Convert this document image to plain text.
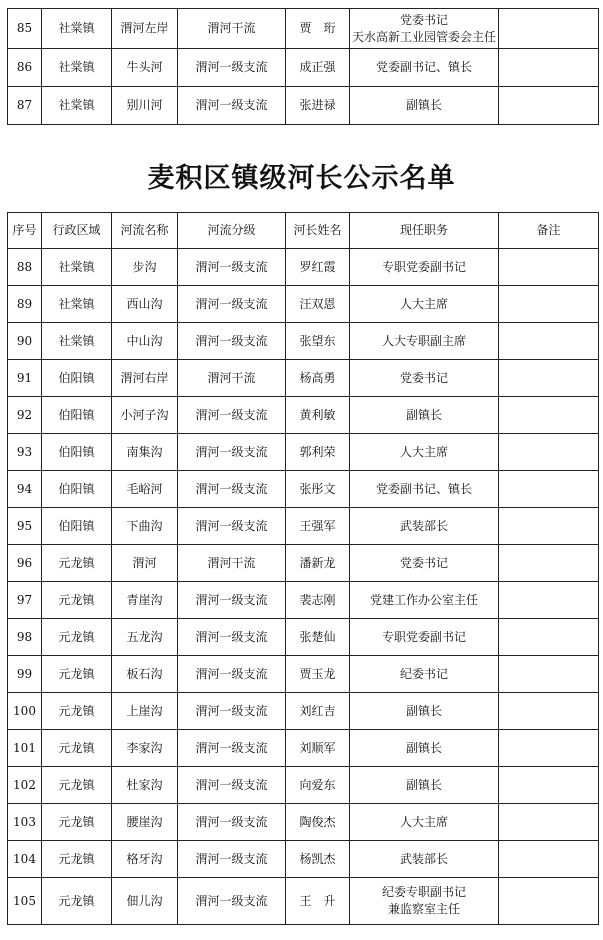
85	社棠镇	渭河左岸	渭河干流	贾　珩	党委书记
天水高新工业园管委会主任	

86	社棠镇	牛头河	渭河一级支流	成正强	党委副书记、镇长	

87	社棠镇	别川河	渭河一级支流	张进禄	副镇长	

麦积区镇级河长公示名单
序号	行政区域	河流名称	河流分级	河长姓名	现任职务	备注
88	社棠镇	步沟	渭河一级支流	罗红霞	专职党委副书记	

89	社棠镇	西山沟	渭河一级支流	汪双恩	人大主席	

90	社棠镇	中山沟	渭河一级支流	张望东	人大专职副主席	

91	伯阳镇	渭河右岸	渭河干流	杨高勇	党委书记	

92	伯阳镇	小河子沟	渭河一级支流	黄利敏	副镇长	

93	伯阳镇	南集沟	渭河一级支流	郭利荣	人大主席	

94	伯阳镇	毛峪河	渭河一级支流	张彤文	党委副书记、镇长	

95	伯阳镇	下曲沟	渭河一级支流	王强军	武装部长	

96	元龙镇	渭河	渭河干流	潘新龙	党委书记	

97	元龙镇	青崖沟	渭河一级支流	裴志刚	党建工作办公室主任	

98	元龙镇	五龙沟	渭河一级支流	张楚仙	专职党委副书记	

99	元龙镇	板石沟	渭河一级支流	贾玉龙	纪委书记	

100	元龙镇	上崖沟	渭河一级支流	刘红吉	副镇长	

101	元龙镇	李家沟	渭河一级支流	刘顺军	副镇长	

102	元龙镇	杜家沟	渭河一级支流	向爱东	副镇长	

103	元龙镇	腰崖沟	渭河一级支流	陶俊杰	人大主席	

104	元龙镇	格牙沟	渭河一级支流	杨凯杰	武装部长	

105	元龙镇	佃儿沟	渭河一级支流	王　升	纪委专职副书记
兼监察室主任	
